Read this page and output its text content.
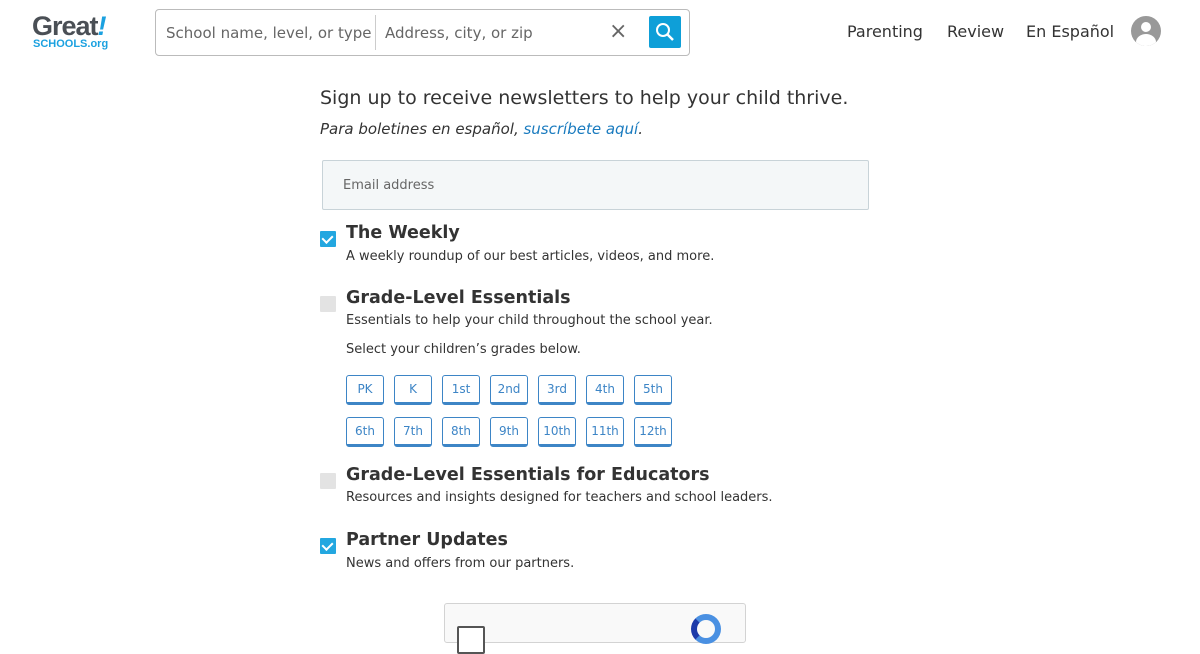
Great!
SCHOOLS.org
School name, level, or type
Address, city, or zip	×	Parenting Review En Español
Sign up to receive newsletters to help your child thrive.
Para boletines en español, suscríbete aquí.
Email address
The Weekly
A weekly roundup of our best articles, videos, and more.
Grade-Level Essentials
Essentials to help your child throughout the school year.
Select your children’s grades below.
PK	K	1st	2nd	3rd	4th	5th
6th	7th	8th	9th	10th	11th	12th
Grade-Level Essentials for Educators
Resources and insights designed for teachers and school leaders.
Partner Updates
News and offers from our partners.
